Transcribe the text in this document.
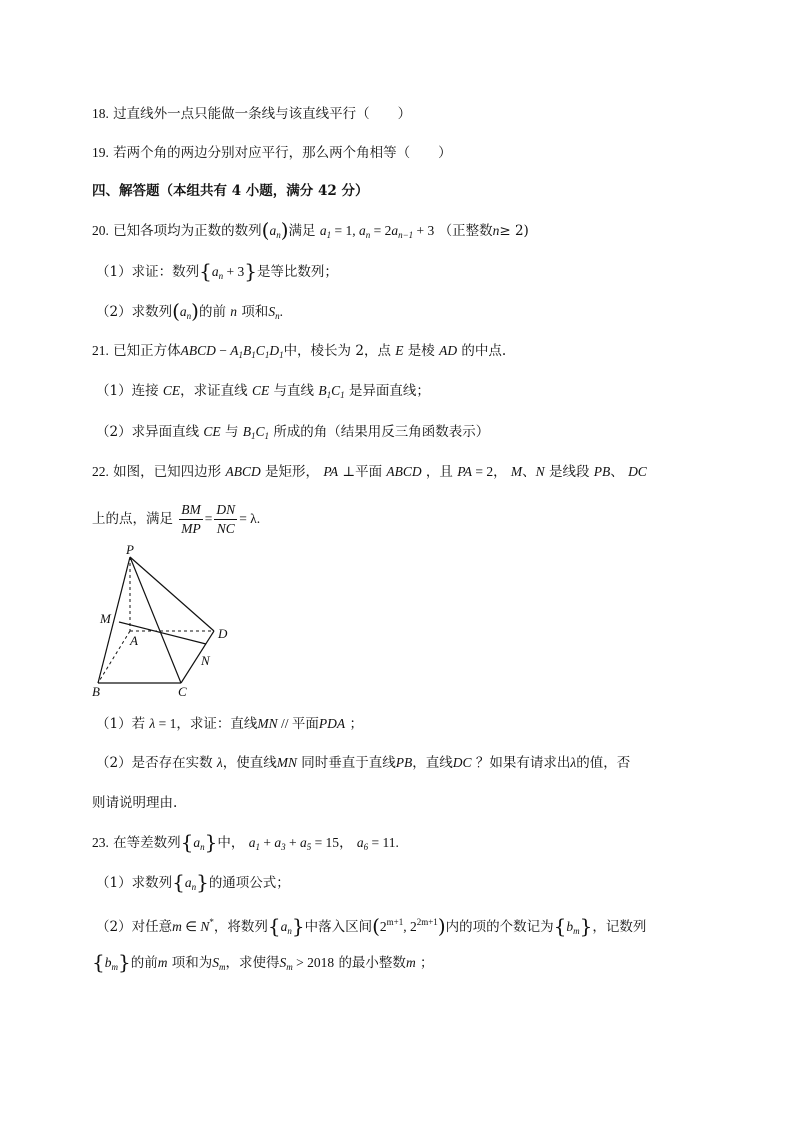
18. 过直线外一点只能做一条线与该直线平行（ ）
19. 若两个角的两边分别对应平行，那么两个角相等（ ）
四、解答题（本组共有 4 小题，满分 42 分）
20. 已知各项均为正数的数列$(a_n)$满足 $a_1 = 1$, $a_n = 2a_{n-1} + 3$ （正整数n≥ 2)
（1）求证：数列$\{a_n + 3\}$是等比数列；
（2）求数列$(a_n)$的前 n 项和$S_n$.
21. 已知正方体ABCD − $A_1B_1C_1D_1$中，棱长为 2，点 E 是棱 AD 的中点.
（1）连接 CE，求证直线 CE 与直线 $B_1C_1$ 是异面直线；
（2）求异面直线 CE 与 $B_1C_1$ 所成的角（结果用反三角函数表示）
22. 如图，已知四边形 ABCD 是矩形， PA ⊥平面 ABCD ，且 PA = 2， M、N 是线段 PB、 DC
上的点，满足 $\frac{BM}{MP} = \frac{DN}{NC} = \lambda$.
P
M
A	D
N
B	C
（1）若 λ = 1，求证：直线MN // 平面PDA ；
（2）是否存在实数 λ，使直线MN 同时垂直于直线PB，直线DC ？如果有请求出λ的值，否
则请说明理由.
23. 在等差数列$\{a_n\}$中， $a_1 + a_3 + a_5 = 15$， $a_6 = 11$.
（1）求数列$\{a_n\}$的通项公式；
（2）对任意m ∈ N*，将数列$\{a_n\}$中落入区间($2^{m+1}$, $2^{2m+1}$)内的项的个数记为$\{b_m\}$，记数列
$\{b_m\}$的前m 项和为$S_m$，求使得$S_m > 2018$ 的最小整数m ；
